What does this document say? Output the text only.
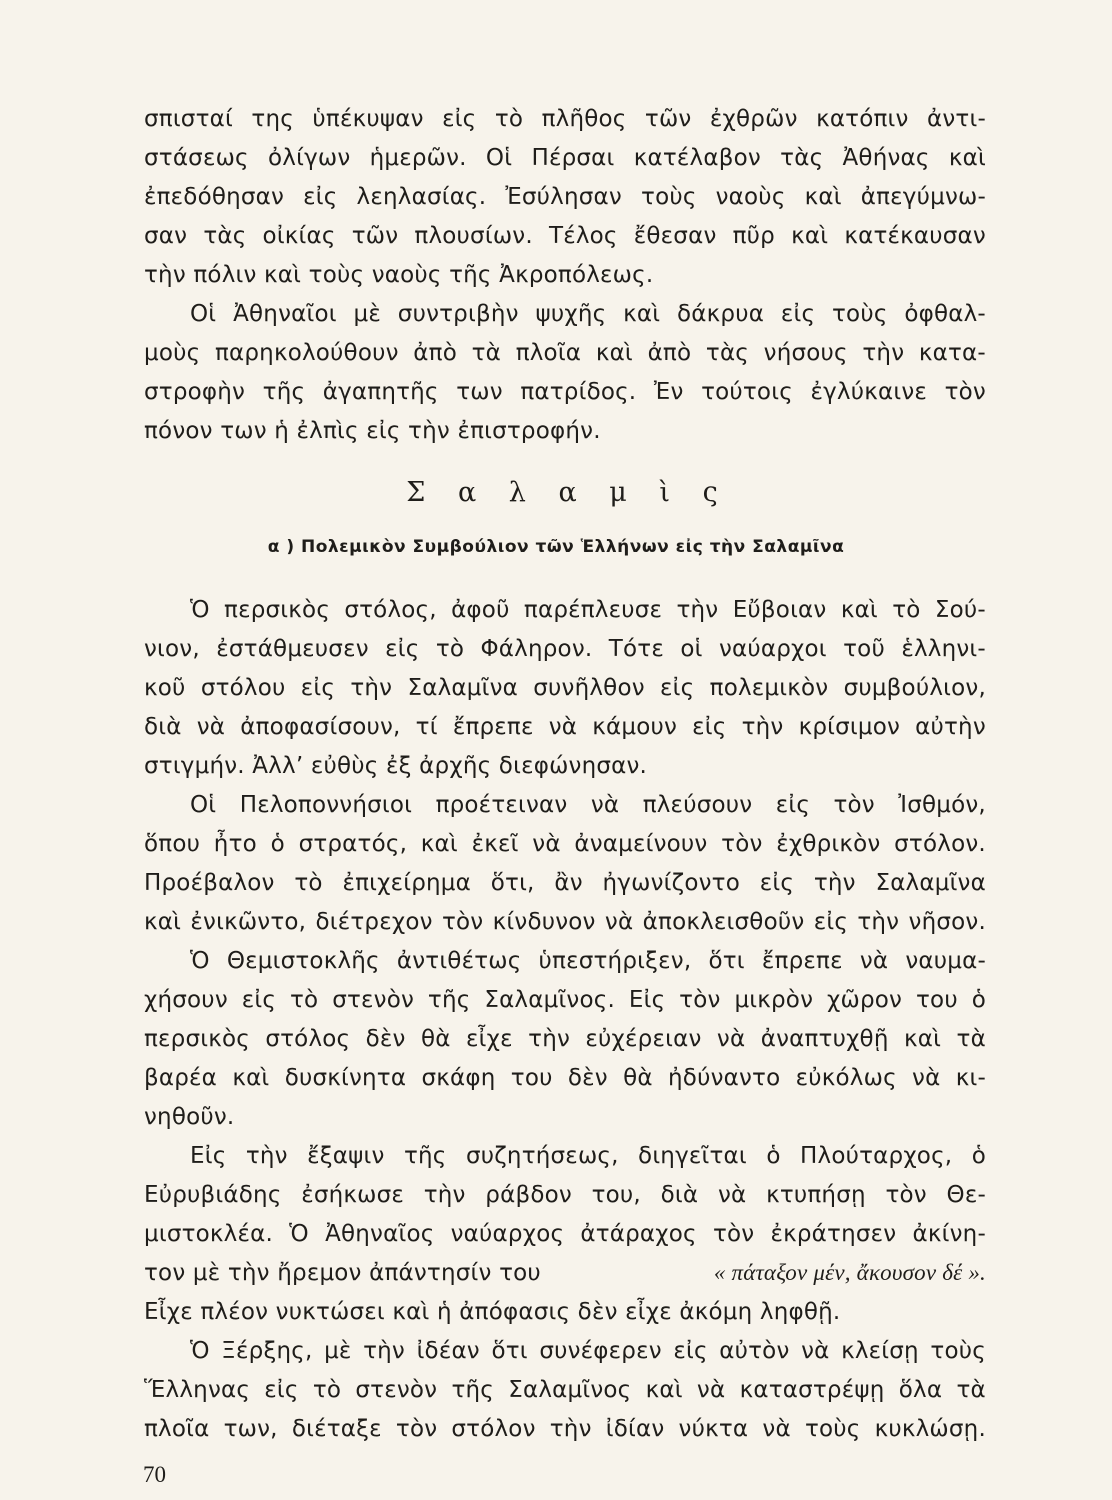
σπισταί της ὑπέκυψαν εἰς τὸ πλῆθος τῶν ἐχθρῶν κατόπιν ἀντι-
στάσεως ὀλίγων ἡμερῶν. Οἱ Πέρσαι κατέλαβον τὰς Ἀθήνας καὶ
ἐπεδόθησαν εἰς λεηλασίας. Ἐσύλησαν τοὺς ναοὺς καὶ ἀπεγύμνω-
σαν τὰς οἰκίας τῶν πλουσίων. Τέλος ἔθεσαν πῦρ καὶ κατέκαυσαν
τὴν πόλιν καὶ τοὺς ναοὺς τῆς Ἀκροπόλεως.
Οἱ Ἀθηναῖοι μὲ συντριβὴν ψυχῆς καὶ δάκρυα εἰς τοὺς ὀφθαλ-
μοὺς παρηκολούθουν ἀπὸ τὰ πλοῖα καὶ ἀπὸ τὰς νήσους τὴν κατα-
στροφὴν τῆς ἀγαπητῆς των πατρίδος. Ἐν τούτοις ἐγλύκαινε τὸν
πόνον των ἡ ἐλπὶς εἰς τὴν ἐπιστροφήν.
Σ α λ α μ ὶ ς
α ) Πολεμικὸν Συμβούλιον τῶν Ἑλλήνων εἰς τὴν Σαλαμῖνα
Ὁ περσικὸς στόλος, ἀφοῦ παρέπλευσε τὴν Εὔβοιαν καὶ τὸ Σού-
νιον, ἐστάθμευσεν εἰς τὸ Φάληρον. Τότε οἱ ναύαρχοι τοῦ ἑλληνι-
κοῦ στόλου εἰς τὴν Σαλαμῖνα συνῆλθον εἰς πολεμικὸν συμβούλιον,
διὰ νὰ ἀποφασίσουν, τί ἔπρεπε νὰ κάμουν εἰς τὴν κρίσιμον αὐτὴν
στιγμήν. Ἀλλ’ εὐθὺς ἐξ ἀρχῆς διεφώνησαν.
Οἱ Πελοποννήσιοι προέτειναν νὰ πλεύσουν εἰς τὸν Ἰσθμόν,
ὅπου ἦτο ὁ στρατός, καὶ ἐκεῖ νὰ ἀναμείνουν τὸν ἐχθρικὸν στόλον.
Προέβαλον τὸ ἐπιχείρημα ὅτι, ἂν ἠγωνίζοντο εἰς τὴν Σαλαμῖνα
καὶ ἐνικῶντο, διέτρεχον τὸν κίνδυνον νὰ ἀποκλεισθοῦν εἰς τὴν νῆσον.
Ὁ Θεμιστοκλῆς ἀντιθέτως ὑπεστήριξεν, ὅτι ἔπρεπε νὰ ναυμα-
χήσουν εἰς τὸ στενὸν τῆς Σαλαμῖνος. Εἰς τὸν μικρὸν χῶρον του ὁ
περσικὸς στόλος δὲν θὰ εἶχε τὴν εὐχέρειαν νὰ ἀναπτυχθῇ καὶ τὰ
βαρέα καὶ δυσκίνητα σκάφη του δὲν θὰ ἠδύναντο εὐκόλως νὰ κι-
νηθοῦν.
Εἰς τὴν ἔξαψιν τῆς συζητήσεως, διηγεῖται ὁ Πλούταρχος, ὁ
Εὐρυβιάδης ἐσήκωσε τὴν ράβδον του, διὰ νὰ κτυπήσῃ τὸν Θε-
μιστοκλέα. Ὁ Ἀθηναῖος ναύαρχος ἀτάραχος τὸν ἐκράτησεν ἀκίνη-
τον μὲ τὴν ἤρεμον ἀπάντησίν του	« πάταξον μέν, ἄκουσον δέ ».
Εἶχε πλέον νυκτώσει καὶ ἡ ἀπόφασις δὲν εἶχε ἀκόμη ληφθῇ.
Ὁ Ξέρξης, μὲ τὴν ἰδέαν ὅτι συνέφερεν εἰς αὐτὸν νὰ κλείσῃ τοὺς
Ἕλληνας εἰς τὸ στενὸν τῆς Σαλαμῖνος καὶ νὰ καταστρέψῃ ὅλα τὰ
πλοῖα των, διέταξε τὸν στόλον τὴν ἰδίαν νύκτα νὰ τοὺς κυκλώσῃ.
70
